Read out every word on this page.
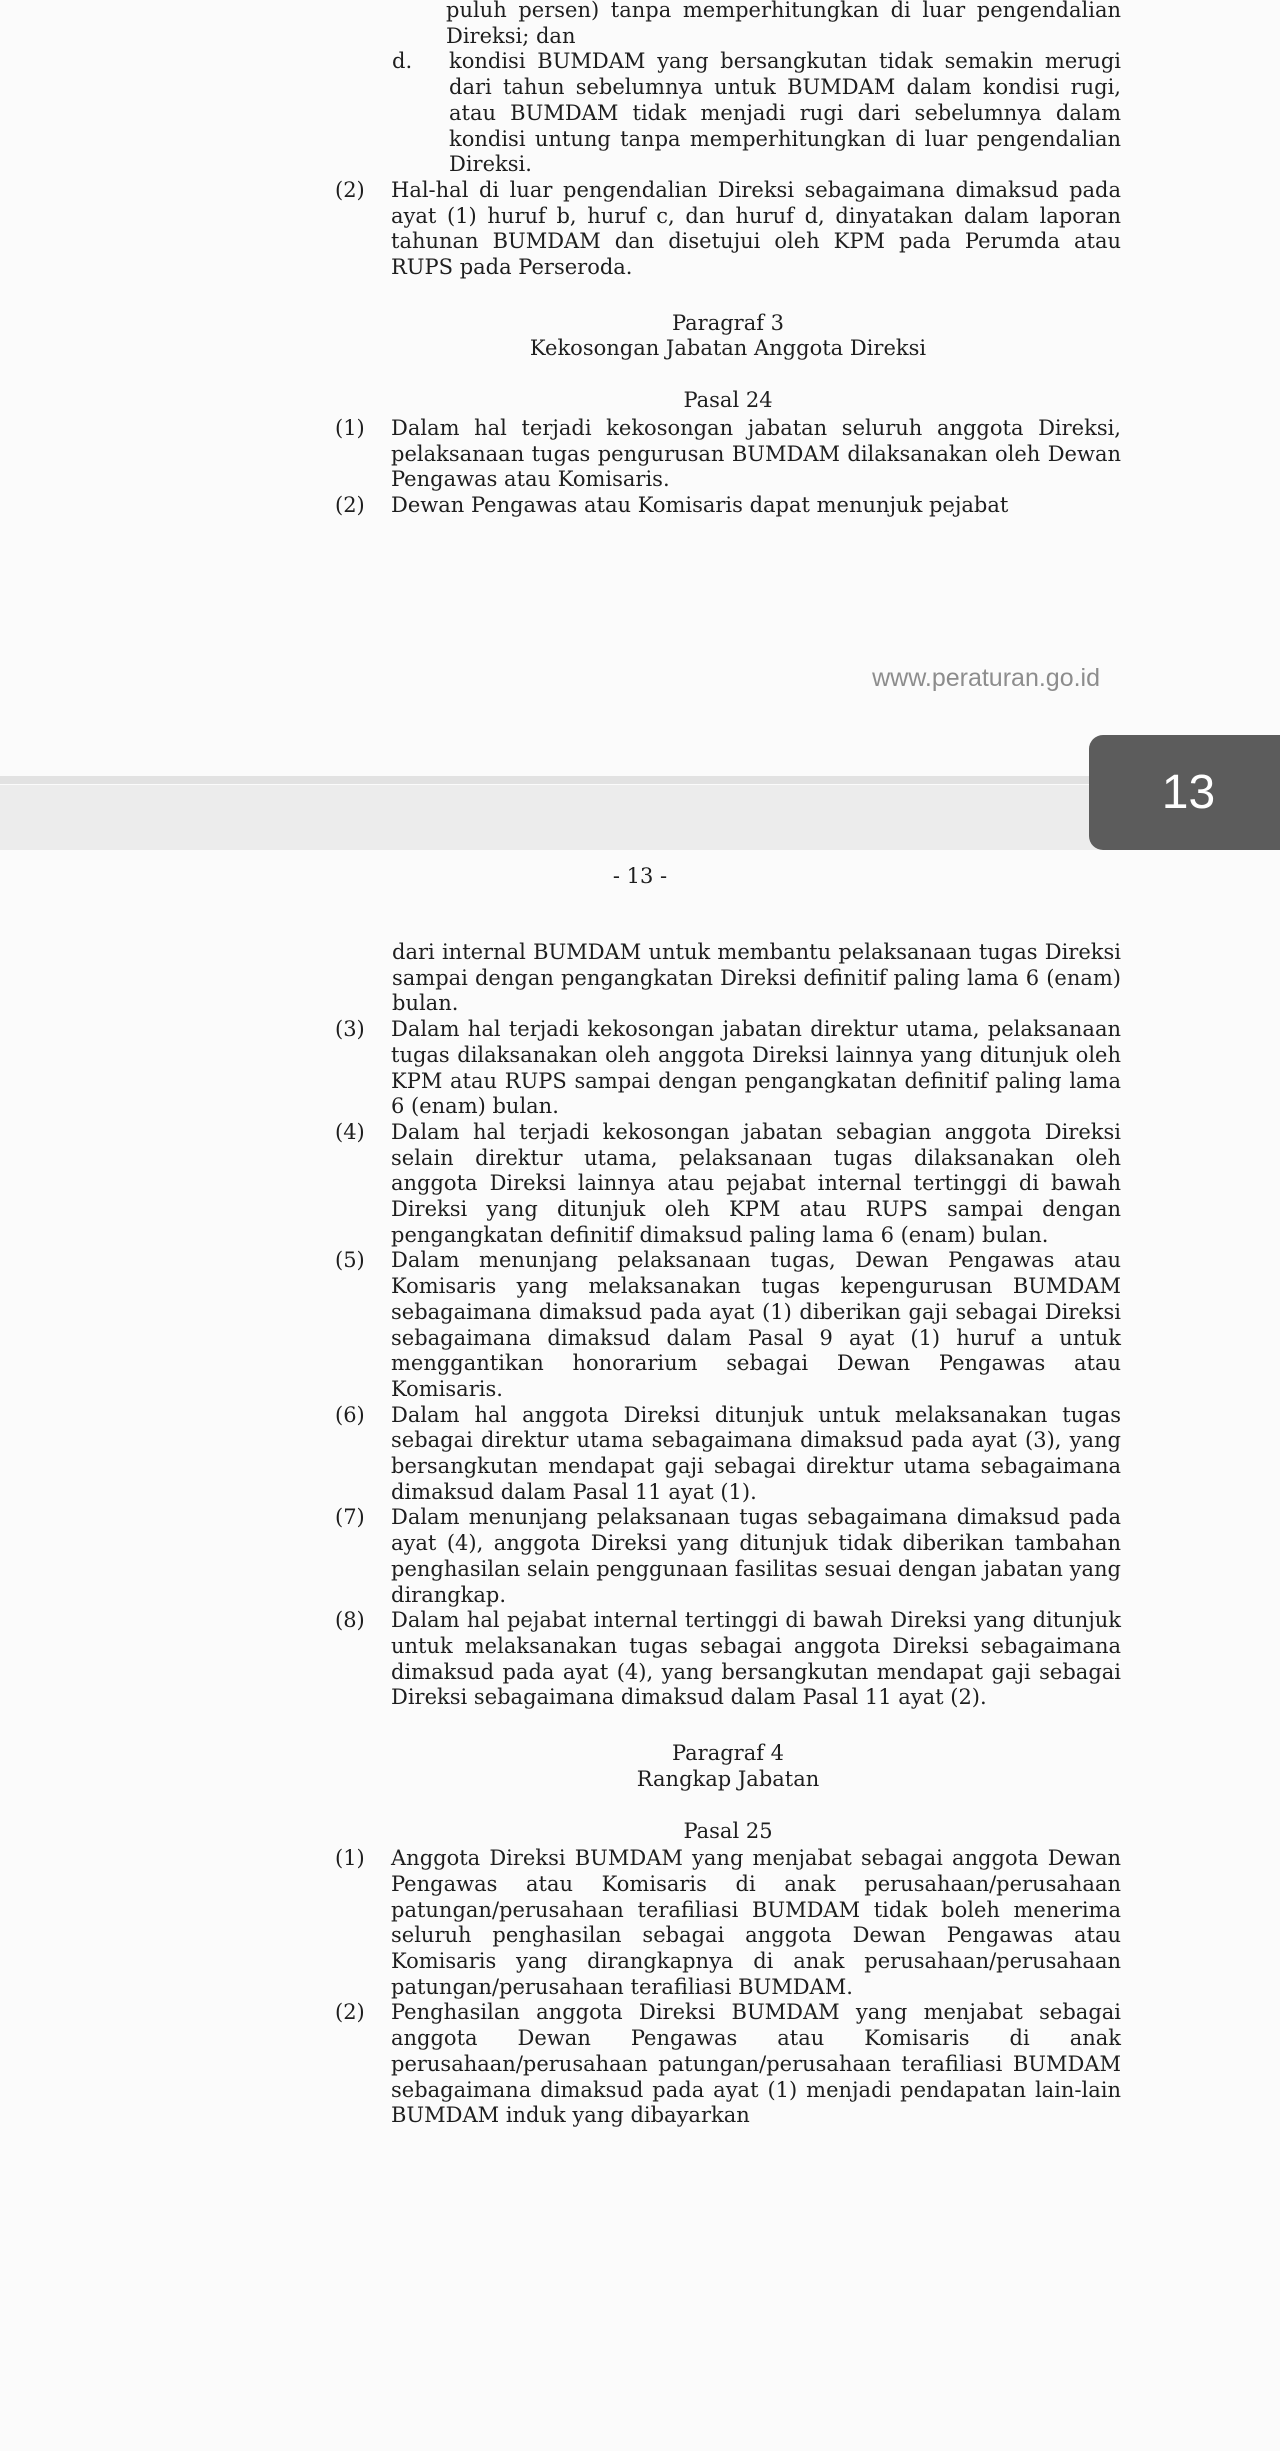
puluh persen) tanpa memperhitungkan di luar pengendalian Direksi; dan

d.	kondisi BUMDAM yang bersangkutan tidak semakin merugi dari tahun sebelumnya untuk BUMDAM dalam kondisi rugi, atau BUMDAM tidak menjadi rugi dari sebelumnya dalam kondisi untung tanpa memperhitungkan di luar pengendalian Direksi.
(2)	Hal-hal di luar pengendalian Direksi sebagaimana dimaksud pada ayat (1) huruf b, huruf c, dan huruf d, dinyatakan dalam laporan tahunan BUMDAM dan disetujui oleh KPM pada Perumda atau RUPS pada Perseroda.
Paragraf 3
Kekosongan Jabatan Anggota Direksi
Pasal 24
(1)	Dalam hal terjadi kekosongan jabatan seluruh anggota Direksi, pelaksanaan tugas pengurusan BUMDAM dilaksanakan oleh Dewan Pengawas atau Komisaris.
(2)	Dewan Pengawas atau Komisaris dapat menunjuk pejabat
www.peraturan.go.id
13
- 13 -

dari internal BUMDAM untuk membantu pelaksanaan tugas Direksi sampai dengan pengangkatan Direksi definitif paling lama 6 (enam) bulan.

(3)	Dalam hal terjadi kekosongan jabatan direktur utama, pelaksanaan tugas dilaksanakan oleh anggota Direksi lainnya yang ditunjuk oleh KPM atau RUPS sampai dengan pengangkatan definitif paling lama 6 (enam) bulan.
(4)	Dalam hal terjadi kekosongan jabatan sebagian anggota Direksi selain direktur utama, pelaksanaan tugas dilaksanakan oleh anggota Direksi lainnya atau pejabat internal tertinggi di bawah Direksi yang ditunjuk oleh KPM atau RUPS sampai dengan pengangkatan definitif dimaksud paling lama 6 (enam) bulan.
(5)	Dalam menunjang pelaksanaan tugas, Dewan Pengawas atau Komisaris yang melaksanakan tugas kepengurusan BUMDAM sebagaimana dimaksud pada ayat (1) diberikan gaji sebagai Direksi sebagaimana dimaksud dalam Pasal 9 ayat (1) huruf a untuk menggantikan honorarium sebagai Dewan Pengawas atau Komisaris.
(6)	Dalam hal anggota Direksi ditunjuk untuk melaksanakan tugas sebagai direktur utama sebagaimana dimaksud pada ayat (3), yang bersangkutan mendapat gaji sebagai direktur utama sebagaimana dimaksud dalam Pasal 11 ayat (1).
(7)	Dalam menunjang pelaksanaan tugas sebagaimana dimaksud pada ayat (4), anggota Direksi yang ditunjuk tidak diberikan tambahan penghasilan selain penggunaan fasilitas sesuai dengan jabatan yang dirangkap.
(8)	Dalam hal pejabat internal tertinggi di bawah Direksi yang ditunjuk untuk melaksanakan tugas sebagai anggota Direksi sebagaimana dimaksud pada ayat (4), yang bersangkutan mendapat gaji sebagai Direksi sebagaimana dimaksud dalam Pasal 11 ayat (2).
Paragraf 4
Rangkap Jabatan
Pasal 25
(1)	Anggota Direksi BUMDAM yang menjabat sebagai anggota Dewan Pengawas atau Komisaris di anak perusahaan/perusahaan patungan/perusahaan terafiliasi BUMDAM tidak boleh menerima seluruh penghasilan sebagai anggota Dewan Pengawas atau Komisaris yang dirangkapnya di anak perusahaan/perusahaan patungan/perusahaan terafiliasi BUMDAM.
(2)	Penghasilan anggota Direksi BUMDAM yang menjabat sebagai anggota Dewan Pengawas atau Komisaris di anak perusahaan/perusahaan patungan/perusahaan terafiliasi BUMDAM sebagaimana dimaksud pada ayat (1) menjadi pendapatan lain-lain BUMDAM induk yang dibayarkan
